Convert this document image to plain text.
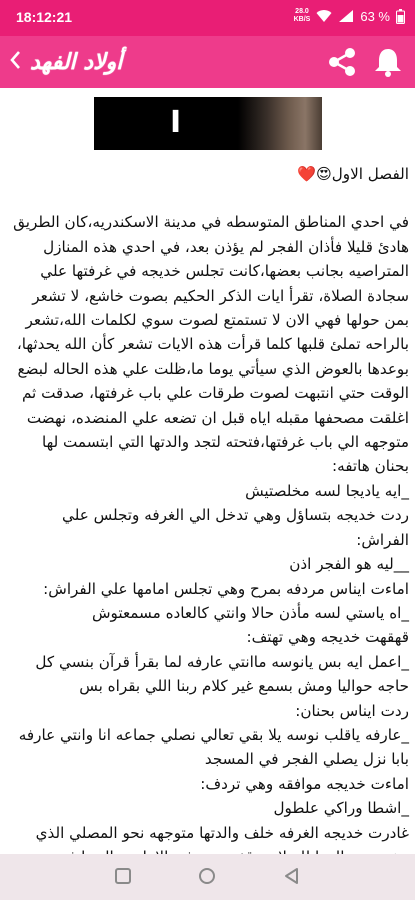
18:12:21	28.0
KB/S	63 %
أولاد الفهد
I

الفصل الاول😍❤️

في احدي المناطق المتوسطه في مدينة الاسكندريه،كان الطريق هادئ قليلا فأذان الفجر لم يؤذن بعد، في احدي هذه المنازل المتراصيه بجانب بعضها،كانت تجلس خديجه في غرفتها علي سجادة الصلاة، تقرأ ايات الذكر الحكيم بصوت خاشع، لا تشعر بمن حولها فهي الان لا تستمتع لصوت سوي لكلمات الله،تشعر بالراحه تملئ قلبها كلما قرأت هذه الايات تشعر كأن الله يحدثها، بوعدها بالعوض الذي سيأتي يوما ما،ظلت علي هذه الحاله لبضع الوقت حتي انتبهت لصوت طرقات علي باب غرفتها، صدقت ثم اغلقت مصحفها مقبله اياه قبل ان تضعه علي المنضده، نهضت متوجهه الي باب غرفتها،فتحته لتجد والدتها التي ابتسمت لها بحنان هاتفه:

_ايه ياديجا لسه مخلصتيش

ردت خديجه بتساؤل وهي تدخل الي الغرفه وتجلس علي الفراش:

__ليه هو الفجر اذن

اماءت ايناس مردفه بمرح وهي تجلس امامها علي الفراش:

_اه ياستي لسه مأذن حالا وانتي كالعاده مسمعتوش

قهقهت خديجه وهي تهتف:

_اعمل ايه بس يانوسه ماانتي عارفه لما بقرأ قرآن بنسي كل حاجه حواليا ومش بسمع غير كلام ربنا اللي بقراه بس

ردت ايناس بحنان:

_عارفه ياقلب نوسه يلا بقي تعالي نصلي جماعه انا وانتي عارفه بابا نزل يصلي الفجر في المسجد

اماءت خديجه موافقه وهي تردف:

_اشطا وراكي علطول

غادرت خديجه الغرفه خلف والدتها متوجهه نحو المصلي الذي
